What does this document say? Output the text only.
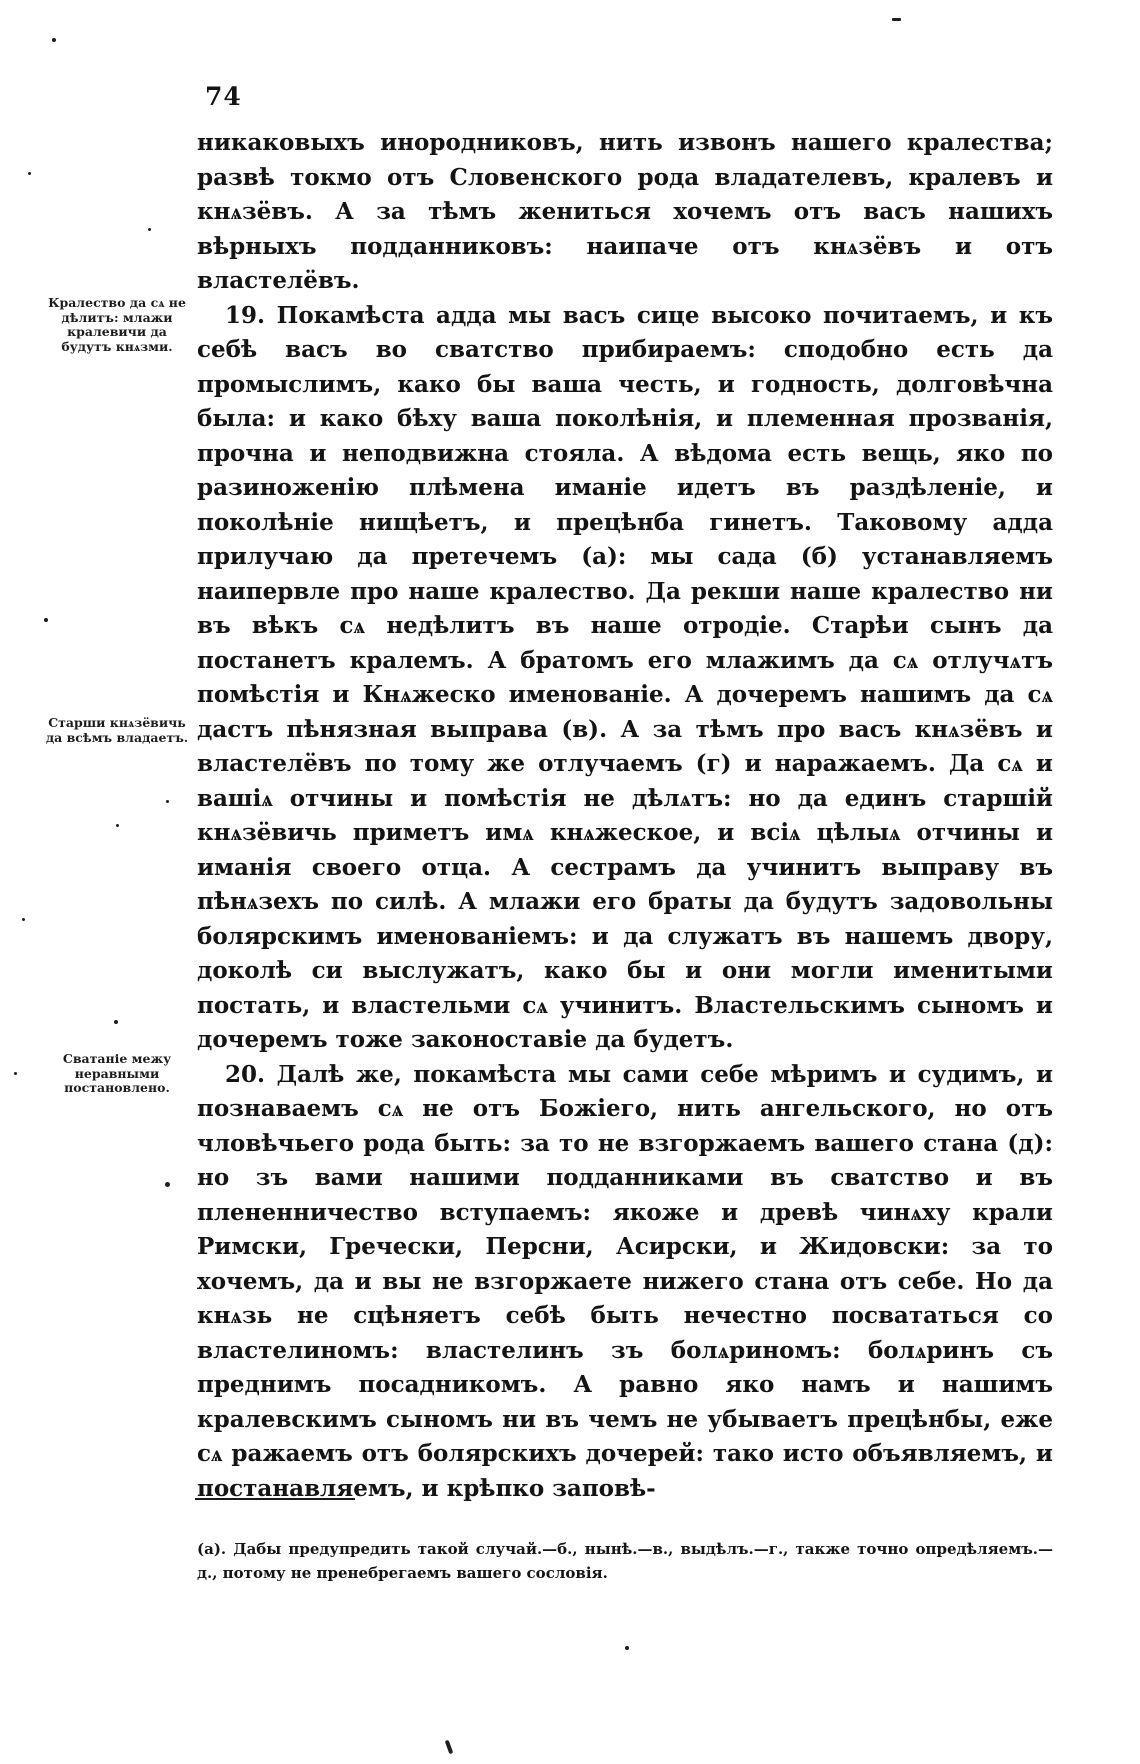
74
Кралество да сѧ не дѣлитъ: млажи кралевичи да будутъ кнѧзми.
Старши кнѧзёвичь да всѣмъ владаетъ.
Сватаніе межу неравными постановлено.

никаковыхъ инородниковъ, нить извонъ нашего кралества; развѣ токмо отъ Словенского рода владателевъ, кралевъ и кнѧзёвъ. А за тѣмъ жениться хочемъ отъ васъ нашихъ вѣрныхъ подданниковъ: наипаче отъ кнѧзёвъ и отъ властелёвъ.

19. Покамѣста адда мы васъ сице высоко почитаемъ, и къ себѣ васъ во сватство прибираемъ: сподобно есть да промыслимъ, како бы ваша честь, и годность, долговѣчна была: и како бѣху ваша поколѣнія, и племенная прозванія, прочна и неподвижна стояла. А вѣдома есть вещь, яко по разиноженію плѣмена иманіе идетъ въ раздѣленіе, и поколѣніе нищѣетъ, и прецѣнба гинетъ. Таковому адда прилучаю да претечемъ (а): мы сада (б) устанавляемъ наипервле про наше кралество. Да рекши наше кралество ни въ вѣкъ сѧ недѣлитъ въ наше отродіе. Старѣи сынъ да постанетъ кралемъ. А братомъ его млажимъ да сѧ отлучѧтъ помѣстія и Кнѧжеско именованіе. А дочеремъ нашимъ да сѧ дастъ пѣнязная выправа (в). А за тѣмъ про васъ кнѧзёвъ и властелёвъ по тому же отлучаемъ (г) и наражаемъ. Да сѧ и вашіѧ отчины и помѣстія не дѣлѧтъ: но да единъ старшій кнѧзёвичь приметъ имѧ кнѧжеское, и всіѧ цѣлыѧ отчины и иманія своего отца. А сестрамъ да учинитъ выправу въ пѣнѧзехъ по силѣ. А млажи его браты да будутъ задовольны болярскимъ именованіемъ: и да служатъ въ нашемъ двору, доколѣ си выслужатъ, како бы и они могли именитыми постать, и властельми сѧ учинитъ. Властельскимъ сыномъ и дочеремъ тоже законоставіе да будетъ.

20. Далѣ же, покамѣста мы сами себе мѣримъ и судимъ, и познаваемъ сѧ не отъ Божіего, нить ангельского, но отъ чловѣчьего рода быть: за то не взгоржаемъ вашего стана (д): но зъ вами нашими подданниками въ сватство и въ плененничество вступаемъ: якоже и древѣ чинѧху крали Римски, Гречески, Персни, Асирски, и Жидовски: за то хочемъ, да и вы не взгоржаете нижего стана отъ себе. Но да кнѧзь не сцѣняетъ себѣ быть нечестно посвататься со властелиномъ: властелинъ зъ болѧриномъ: болѧринъ съ преднимъ посадникомъ. А равно яко намъ и нашимъ кралевскимъ сыномъ ни въ чемъ не убываетъ прецѣнбы, еже сѧ ражаемъ отъ болярскихъ дочерей: тако исто объявляемъ, и постанавляемъ, и крѣпко заповѣ-

(а). Дабы предупредить такой случай.—б., нынѣ.—в., выдѣлъ.—г., также точно опредѣляемъ.—д., потому не пренебрегаемъ вашего сословія.
